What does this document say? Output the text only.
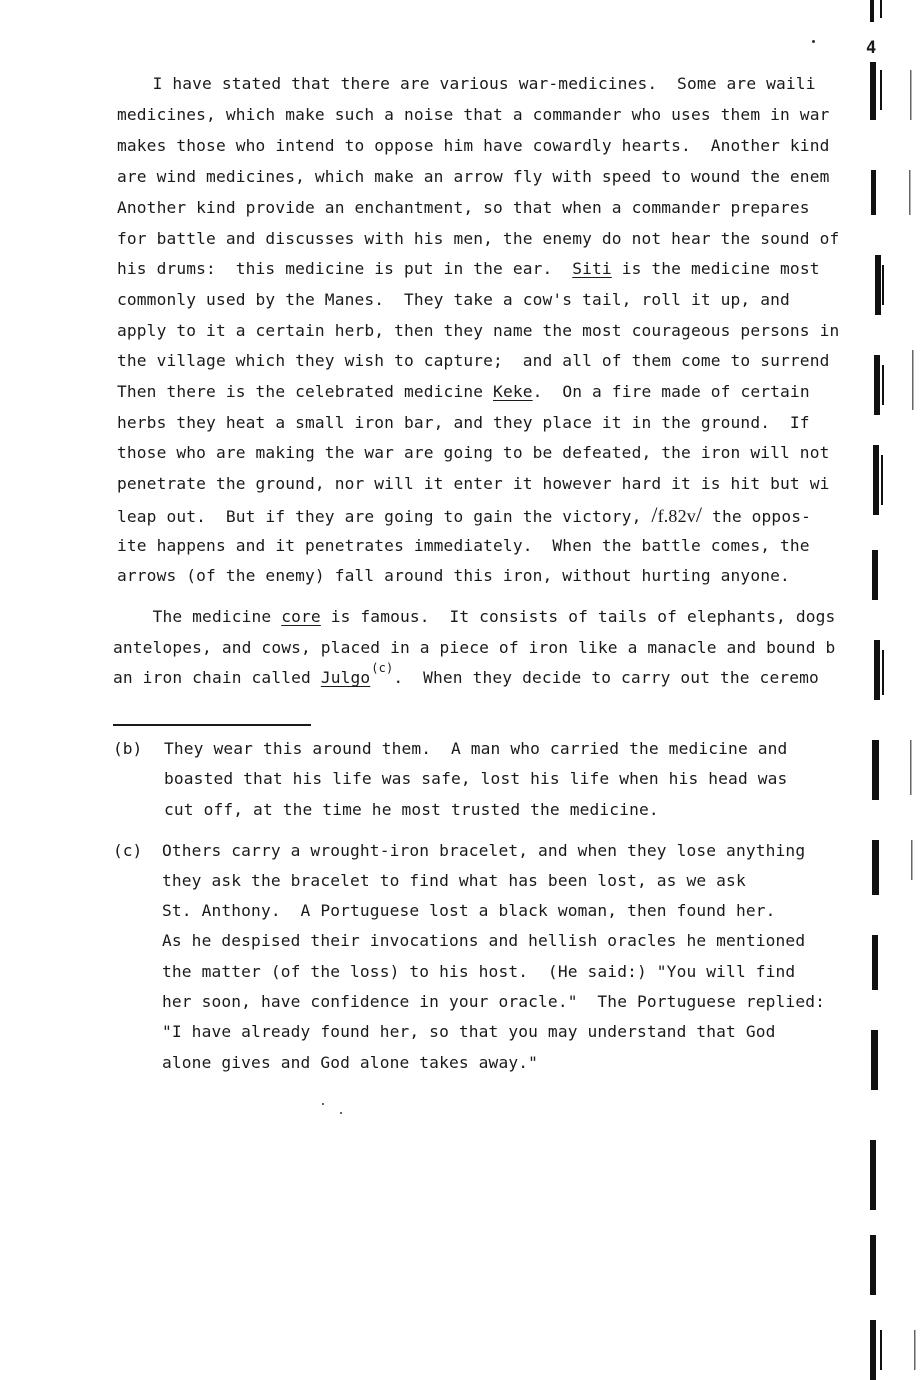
4
I have stated that there are various war-medicines.  Some are waili
medicines, which make such a noise that a commander who uses them in war
makes those who intend to oppose him have cowardly hearts.  Another kind
are wind medicines, which make an arrow fly with speed to wound the enem
Another kind provide an enchantment, so that when a commander prepares
for battle and discusses with his men, the enemy do not hear the sound of
his drums:  this medicine is put in the ear.  Siti is the medicine most
commonly used by the Manes.  They take a cow's tail, roll it up, and
apply to it a certain herb, then they name the most courageous persons in
the village which they wish to capture;  and all of them come to surrend
Then there is the celebrated medicine Keke.  On a fire made of certain
herbs they heat a small iron bar, and they place it in the ground.  If
those who are making the war are going to be defeated, the iron will not
penetrate the ground, nor will it enter it however hard it is hit but wi
leap out.  But if they are going to gain the victory, /f.82v/ the oppos-
ite happens and it penetrates immediately.  When the battle comes, the
arrows (of the enemy) fall around this iron, without hurting anyone.
The medicine core is famous.  It consists of tails of elephants, dogs
antelopes, and cows, placed in a piece of iron like a manacle and bound b
an iron chain called Julgo$^{(c)}$.  When they decide to carry out the ceremo
(b) They wear this around them.  A man who carried the medicine and
boasted that his life was safe, lost his life when his head was
cut off, at the time he most trusted the medicine.
(c) Others carry a wrought-iron bracelet, and when they lose anything
they ask the bracelet to find what has been lost, as we ask
St. Anthony.  A Portuguese lost a black woman, then found her.
As he despised their invocations and hellish oracles he mentioned
the matter (of the loss) to his host.  (He said:) "You will find
her soon, have confidence in your oracle."  The Portuguese replied:
"I have already found her, so that you may understand that God
alone gives and God alone takes away."
